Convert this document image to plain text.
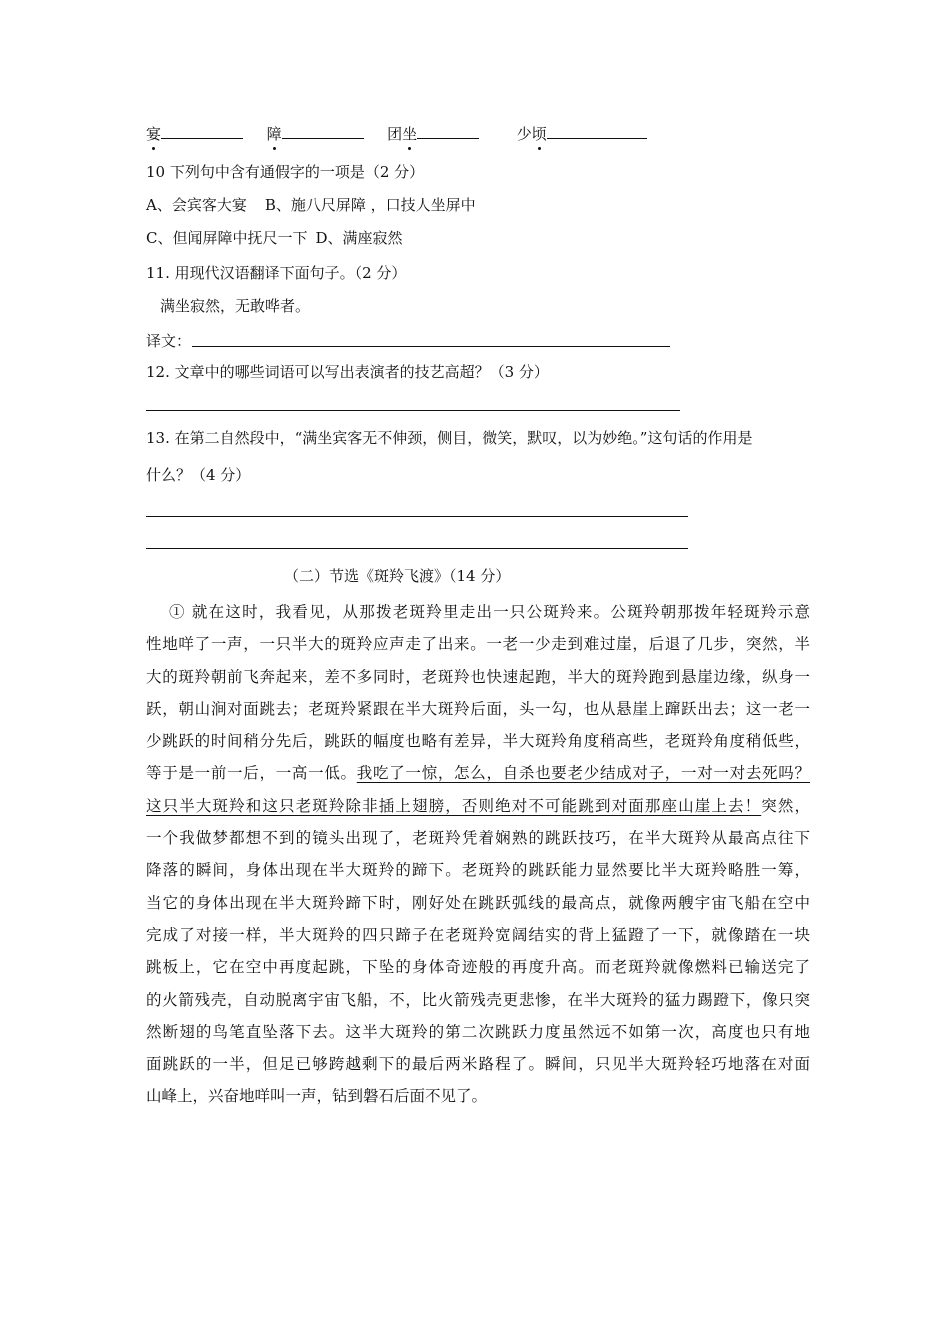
宴	障	团坐	少顷
10 下列句中含有通假字的一项是（2 分）
A、会宾客大宴 B、施八尺屏障 ，口技人坐屏中
C、但闻屏障中抚尺一下 D、满座寂然
11. 用现代汉语翻译下面句子。（2 分）
满坐寂然，无敢哗者。
译文：
12. 文章中的哪些词语可以写出表演者的技艺高超？（3 分）
13. 在第二自然段中，“满坐宾客无不伸颈，侧目，微笑，默叹，以为妙绝。”这句话的作用是
什么？（4 分）
（二）节选《斑羚飞渡》（14 分）
① 就在这时，我看见，从那拨老斑羚里走出一只公斑羚来。公斑羚朝那拨年轻斑羚示意
性地咩了一声，一只半大的斑羚应声走了出来。一老一少走到难过崖，后退了几步，突然，半
大的斑羚朝前飞奔起来，差不多同时，老斑羚也快速起跑，半大的斑羚跑到悬崖边缘，纵身一
跃，朝山涧对面跳去；老斑羚紧跟在半大斑羚后面，头一勾，也从悬崖上蹿跃出去；这一老一
少跳跃的时间稍分先后，跳跃的幅度也略有差异，半大斑羚角度稍高些，老斑羚角度稍低些，
等于是一前一后，一高一低。我吃了一惊，怎么，自杀也要老少结成对子，一对一对去死吗？
这只半大斑羚和这只老斑羚除非插上翅膀，否则绝对不可能跳到对面那座山崖上去！突然，
一个我做梦都想不到的镜头出现了，老斑羚凭着娴熟的跳跃技巧，在半大斑羚从最高点往下
降落的瞬间，身体出现在半大斑羚的蹄下。老斑羚的跳跃能力显然要比半大斑羚略胜一筹，
当它的身体出现在半大斑羚蹄下时，刚好处在跳跃弧线的最高点，就像两艘宇宙飞船在空中
完成了对接一样，半大斑羚的四只蹄子在老斑羚宽阔结实的背上猛蹬了一下，就像踏在一块
跳板上，它在空中再度起跳，下坠的身体奇迹般的再度升高。而老斑羚就像燃料已输送完了
的火箭残壳，自动脱离宇宙飞船，不，比火箭残壳更悲惨，在半大斑羚的猛力踢蹬下，像只突
然断翅的鸟笔直坠落下去。这半大斑羚的第二次跳跃力度虽然远不如第一次，高度也只有地
面跳跃的一半，但足已够跨越剩下的最后两米路程了。瞬间，只见半大斑羚轻巧地落在对面
山峰上，兴奋地咩叫一声，钻到磐石后面不见了。
